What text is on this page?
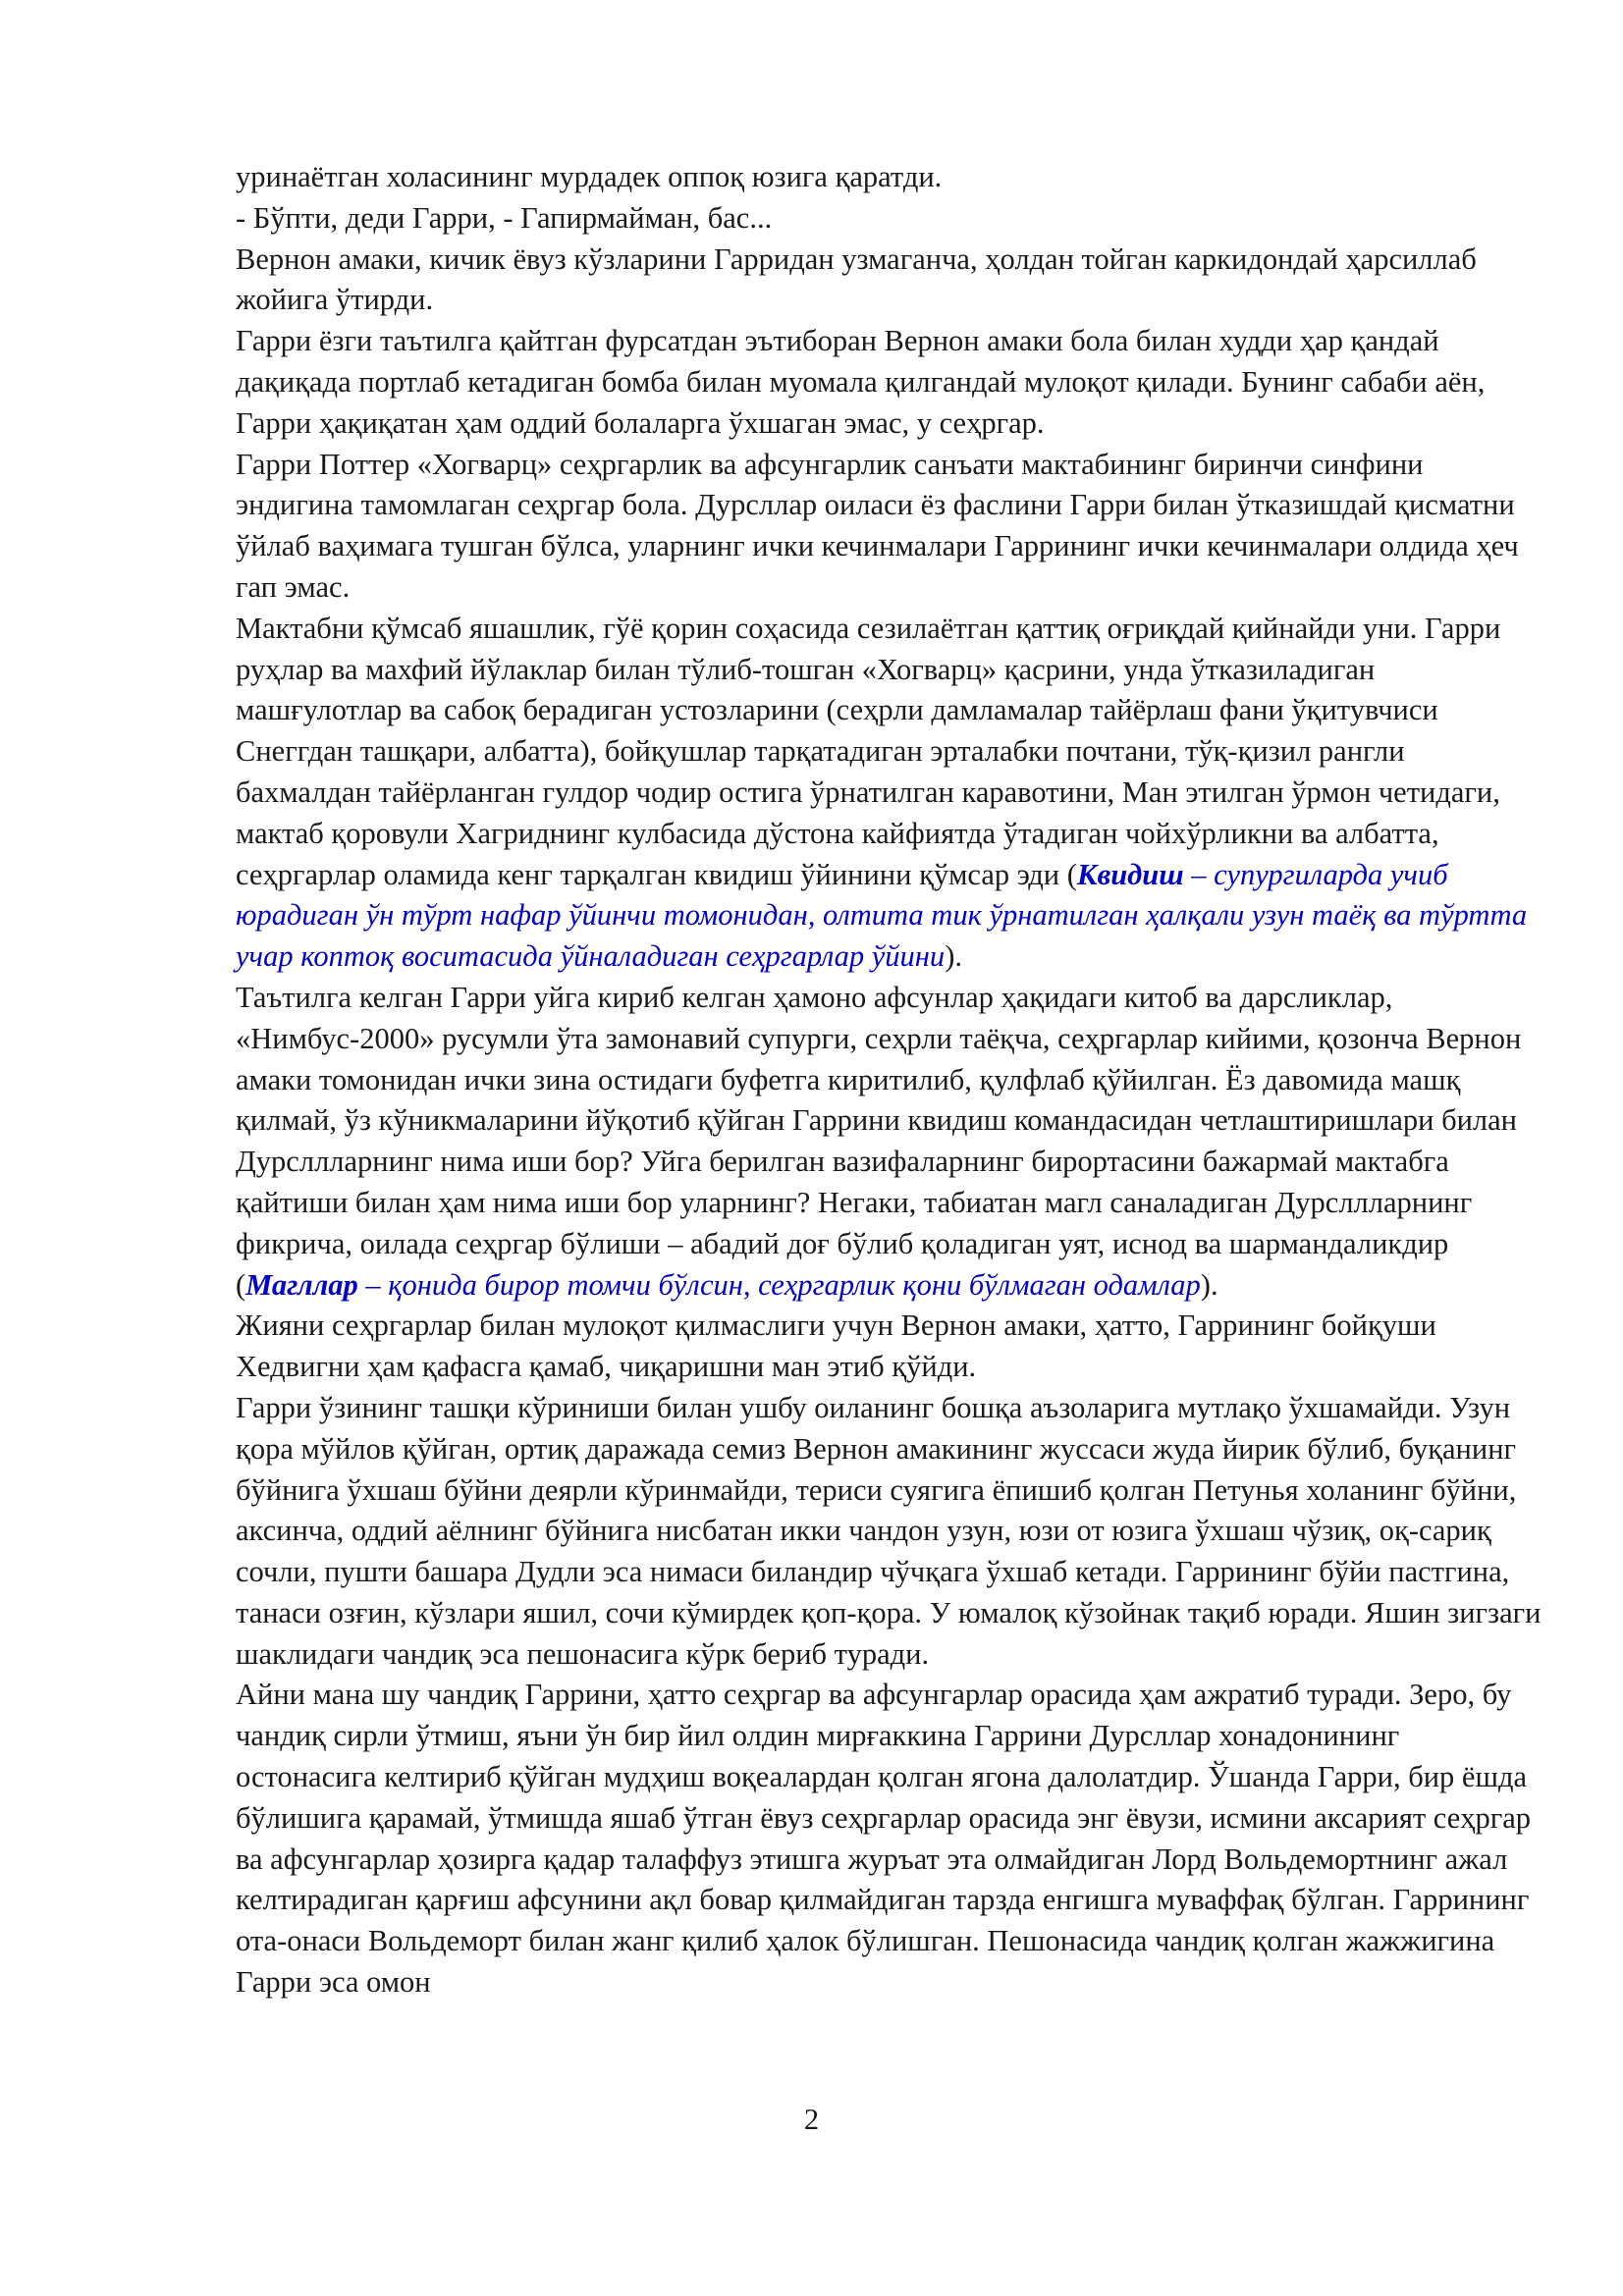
уринаётган холасининг мурдадек оппоқ юзига қаратди.

- Бўпти, деди Гарри, - Гапирмайман, бас...

Вернон амаки, кичик ёвуз кўзларини Гарридан узмаганча, ҳолдан тойган каркидондай ҳарсиллаб жойига ўтирди.

Гарри ёзги таътилга қайтган фурсатдан эътиборан Вернон амаки бола билан худди ҳар қандай дақиқада портлаб кетадиган бомба билан муомала қилгандай мулоқот қилади. Бунинг сабаби аён, Гарри ҳақиқатан ҳам оддий болаларга ўхшаган эмас, у сеҳргар.

Гарри Поттер «Хогварц» сеҳргарлик ва афсунгарлик санъати мактабининг биринчи синфини эндигина тамомлаган сеҳргар бола. Дурсллар оиласи ёз фаслини Гарри билан ўтказишдай қисматни ўйлаб ваҳимага тушган бўлса, уларнинг ички кечинмалари Гаррининг ички кечинмалари олдида ҳеч гап эмас.

Мактабни қўмсаб яшашлик, гўё қорин соҳасида сезилаётган қаттиқ оғриқдай қийнайди уни. Гарри руҳлар ва махфий йўлаклар билан тўлиб-тошган «Хогварц» қасрини, унда ўтказиладиган машғулотлар ва сабоқ берадиган устозларини (сеҳрли дамламалар тайёрлаш фани ўқитувчиси Снеггдан ташқари, албатта), бойқушлар тарқатадиган эрталабки почтани, тўқ-қизил рангли бахмалдан тайёрланган гулдор чодир остига ўрнатилган каравотини, Ман этилган ўрмон четидаги, мактаб қоровули Хагриднинг кулбасида дўстона кайфиятда ўтадиган чойхўрликни ва албатта, сеҳргарлар оламида кенг тарқалган квидиш ўйинини қўмсар эди (Квидиш – супургиларда учиб юрадиган ўн тўрт нафар ўйинчи томонидан, олтита тик ўрнатилган ҳалқали узун таёқ ва тўртта учар коптоқ воситасида ўйналадиган сеҳргарлар ўйини).

Таътилга келган Гарри уйга кириб келган ҳамоно афсунлар ҳақидаги китоб ва дарсликлар, «Нимбус-2000» русумли ўта замонавий супурги, сеҳрли таёқча, сеҳргарлар кийими, қозонча Вернон амаки томонидан ички зина остидаги буфетга киритилиб, қулфлаб қўйилган. Ёз давомида машқ қилмай, ўз кўникмаларини йўқотиб қўйган Гаррини квидиш командасидан четлаштиришлари билан Дурсллларнинг нима иши бор? Уйга берилган вазифаларнинг бирортасини бажармай мактабга қайтиши билан ҳам нима иши бор уларнинг? Негаки, табиатан магл саналадиган Дурсллларнинг фикрича, оилада сеҳргар бўлиши – абадий доғ бўлиб қоладиган уят, иснод ва шармандаликдир (Магллар – қонида бирор томчи бўлсин, сеҳргарлик қони бўлмаган одамлар).

Жияни сеҳргарлар билан мулоқот қилмаслиги учун Вернон амаки, ҳатто, Гаррининг бойқуши Хедвигни ҳам қафасга қамаб, чиқаришни ман этиб қўйди.

Гарри ўзининг ташқи кўриниши билан ушбу оиланинг бошқа аъзоларига мутлақо ўхшамайди. Узун қора мўйлов қўйган, ортиқ даражада семиз Вернон амакининг жуссаси жуда йирик бўлиб, буқанинг бўйнига ўхшаш бўйни деярли кўринмайди, териси суягига ёпишиб қолган Петунья холанинг бўйни, аксинча, оддий аёлнинг бўйнига нисбатан икки чандон узун, юзи от юзига ўхшаш чўзиқ, оқ-сариқ сочли, пушти башара Дудли эса нимаси биландир чўчқага ўхшаб кетади. Гаррининг бўйи пастгина, танаси озғин, кўзлари яшил, сочи кўмирдек қоп-қора. У юмалоқ кўзойнак тақиб юради. Яшин зигзаги шаклидаги чандиқ эса пешонасига кўрк бериб туради.

Айни мана шу чандиқ Гаррини, ҳатто сеҳргар ва афсунгарлар орасида ҳам ажратиб туради. Зеро, бу чандиқ сирли ўтмиш, яъни ўн бир йил олдин мирғаккина Гаррини Дурсллар хонадонининг остонасига келтириб қўйган мудҳиш воқеалардан қолган ягона далолатдир. Ўшанда Гарри, бир ёшда бўлишига қарамай, ўтмишда яшаб ўтган ёвуз сеҳргарлар орасида энг ёвузи, исмини аксарият сеҳргар ва афсунгарлар ҳозирга қадар талаффуз этишга журъат эта олмайдиган Лорд Вольдемортнинг ажал келтирадиган қарғиш афсунини ақл бовар қилмайдиган тарзда енгишга муваффақ бўлган. Гаррининг ота-онаси Вольдеморт билан жанг қилиб ҳалок бўлишган. Пешонасида чандиқ қолган жажжигина Гарри эса омон

2
